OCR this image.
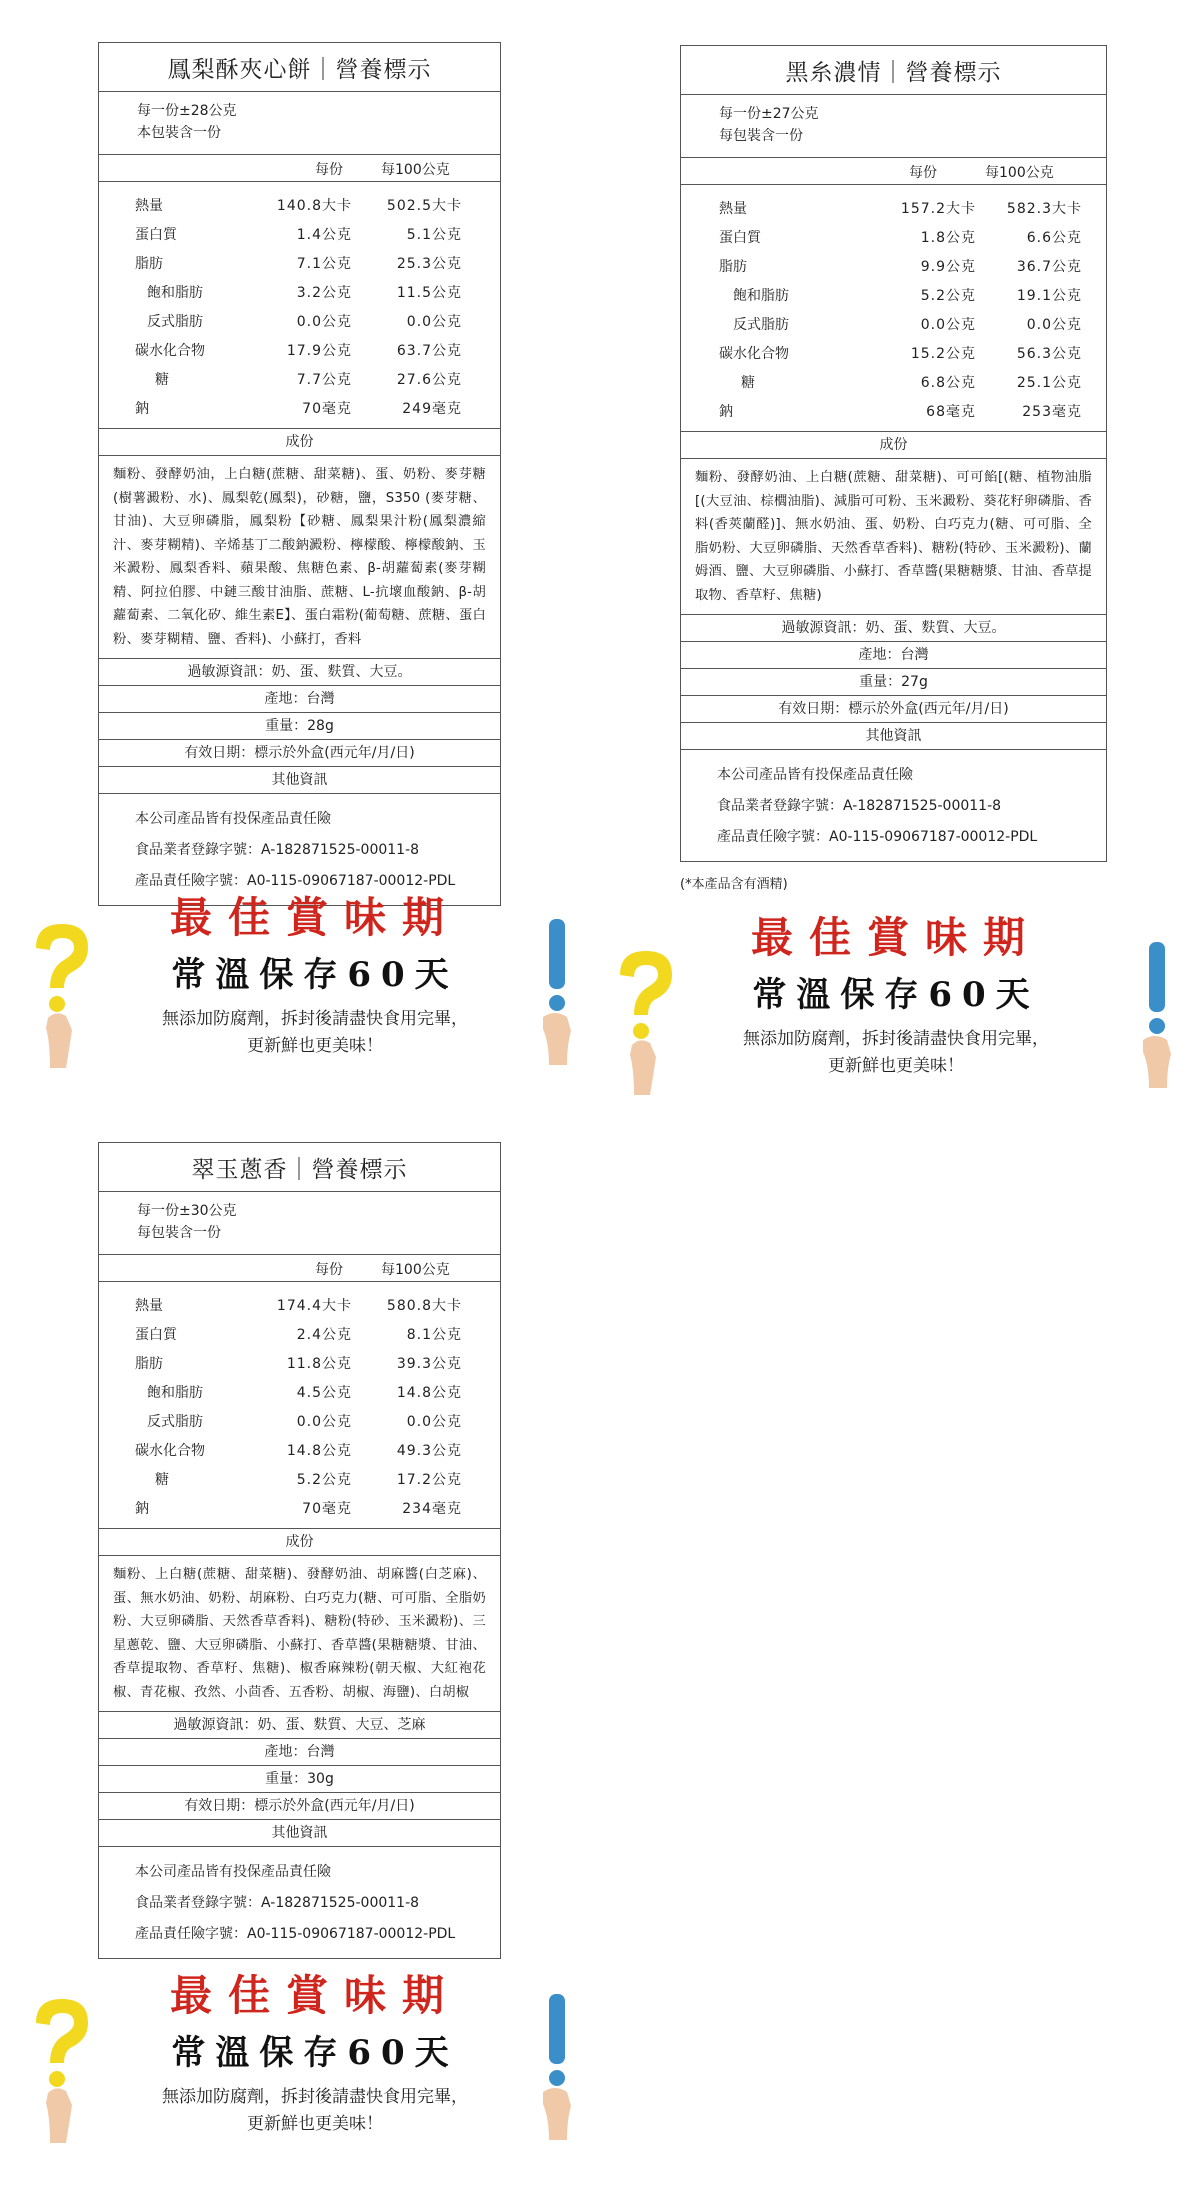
鳳梨酥夾心餅｜營養標示
每一份±28公克
本包裝含一份
每份	每100公克
熱量	140.8大卡 502.5大卡
蛋白質	1.4公克	5.1公克
脂肪	7.1公克	25.3公克
飽和脂肪	3.2公克	11.5公克
反式脂肪	0.0公克	0.0公克
碳水化合物	17.9公克	63.7公克
糖	7.7公克	27.6公克
鈉	70毫克	249毫克
成份
麵粉、發酵奶油，上白糖(蔗糖、甜菜糖)、蛋、奶粉、麥芽糖(樹薯澱粉、水)、鳳梨乾(鳳梨)，砂糖，鹽，S350 (麥芽糖、甘油)、大豆卵磷脂，鳳梨粉【砂糖、鳳梨果汁粉(鳳梨濃縮汁、麥芽糊精)、辛烯基丁二酸鈉澱粉、檸檬酸、檸檬酸鈉、玉米澱粉、鳳梨香料、蘋果酸、焦糖色素、β-胡蘿蔔素(麥芽糊精、阿拉伯膠、中鏈三酸甘油脂、蔗糖、L-抗壞血酸鈉、β-胡蘿蔔素、二氧化矽、維生素E】、蛋白霜粉(葡萄糖、蔗糖、蛋白粉、麥芽糊精、鹽、香料)、小蘇打，香料
過敏源資訊：奶、蛋、麩質、大豆。
產地：台灣
重量：28g
有效日期：標示於外盒(西元年/月/日)
其他資訊
本公司產品皆有投保產品責任險
食品業者登錄字號：A-182871525-00011-8
產品責任險字號：A0-115-09067187-00012-PDL
黑糸濃情｜營養標示
每一份±27公克
每包裝含一份
每份	每100公克
熱量	157.2大卡 582.3大卡
蛋白質	1.8公克	6.6公克
脂肪	9.9公克	36.7公克
飽和脂肪	5.2公克	19.1公克
反式脂肪	0.0公克	0.0公克
碳水化合物	15.2公克	56.3公克
糖	6.8公克	25.1公克
鈉	68毫克	253毫克
成份
麵粉、發酵奶油、上白糖(蔗糖、甜菜糖)、可可餡[(糖、植物油脂[(大豆油、棕櫚油脂)、減脂可可粉、玉米澱粉、葵花籽卵磷脂、香料(香莢蘭醛)]、無水奶油、蛋、奶粉、白巧克力(糖、可可脂、全脂奶粉、大豆卵磷脂、天然香草香料)、糖粉(特砂、玉米澱粉)、蘭姆酒、鹽、大豆卵磷脂、小蘇打、香草醬(果糖糖漿、甘油、香草提取物、香草籽、焦糖)
過敏源資訊：奶、蛋、麩質、大豆。
產地：台灣
重量：27g
有效日期：標示於外盒(西元年/月/日)
其他資訊
本公司產品皆有投保產品責任險
食品業者登錄字號：A-182871525-00011-8
產品責任險字號：A0-115-09067187-00012-PDL
(*本產品含有酒精)
翠玉蔥香｜營養標示
每一份±30公克
每包裝含一份
每份	每100公克
熱量	174.4大卡 580.8大卡
蛋白質	2.4公克	8.1公克
脂肪	11.8公克	39.3公克
飽和脂肪	4.5公克	14.8公克
反式脂肪	0.0公克	0.0公克
碳水化合物	14.8公克	49.3公克
糖	5.2公克	17.2公克
鈉	70毫克	234毫克
成份
麵粉、上白糖(蔗糖、甜菜糖)、發酵奶油、胡麻醬(白芝麻)、蛋、無水奶油、奶粉、胡麻粉、白巧克力(糖、可可脂、全脂奶粉、大豆卵磷脂、天然香草香料)、糖粉(特砂、玉米澱粉)、三星蔥乾、鹽、大豆卵磷脂、小蘇打、香草醬(果糖糖漿、甘油、香草提取物、香草籽、焦糖)、椒香麻辣粉(朝天椒、大紅袍花椒、青花椒、孜然、小茴香、五香粉、胡椒、海鹽)、白胡椒
過敏源資訊：奶、蛋、麩質、大豆、芝麻
產地：台灣
重量：30g
有效日期：標示於外盒(西元年/月/日)
其他資訊
本公司產品皆有投保產品責任險
食品業者登錄字號：A-182871525-00011-8
產品責任險字號：A0-115-09067187-00012-PDL
最佳賞味期
常溫保存60天
無添加防腐劑，拆封後請盡快食用完畢，
更新鮮也更美味！
最佳賞味期
常溫保存60天
無添加防腐劑，拆封後請盡快食用完畢，
更新鮮也更美味！
最佳賞味期
常溫保存60天
無添加防腐劑，拆封後請盡快食用完畢，
更新鮮也更美味！
